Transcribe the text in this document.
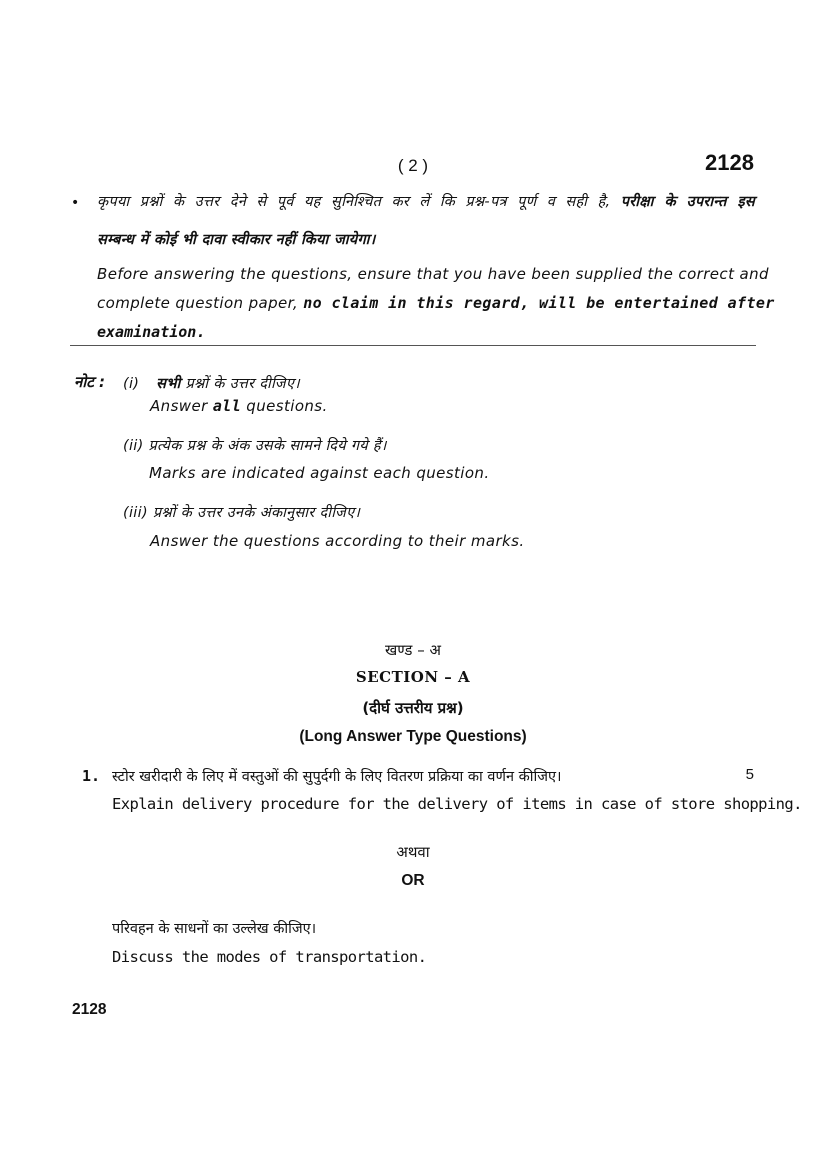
( 2 )	2128
• कृपया प्रश्नों के उत्तर देने से पूर्व यह सुनिश्चित कर लें कि प्रश्न-पत्र पूर्ण व सही है, परीक्षा के उपरान्त इस
सम्बन्ध में कोई भी दावा स्वीकार नहीं किया जायेगा।
Before answering the questions, ensure that you have been supplied the correct and
complete question paper, no claim in this regard, will be entertained after
examination.
नोट : (i) सभी प्रश्नों के उत्तर दीजिए।
Answer all questions.
(ii) प्रत्येक प्रश्न के अंक उसके सामने दिये गये हैं।
Marks are indicated against each question.
(iii) प्रश्नों के उत्तर उनके अंकानुसार दीजिए।
Answer the questions according to their marks.
खण्ड – अ
SECTION – A
(दीर्घ उत्तरीय प्रश्न)
(Long Answer Type Questions)
1. स्टोर खरीदारी के लिए में वस्तुओं की सुपुर्दगी के लिए वितरण प्रक्रिया का वर्णन कीजिए।	5
Explain delivery procedure for the delivery of items in case of store shopping.
अथवा
OR
परिवहन के साधनों का उल्लेख कीजिए।
Discuss the modes of transportation.
2128
